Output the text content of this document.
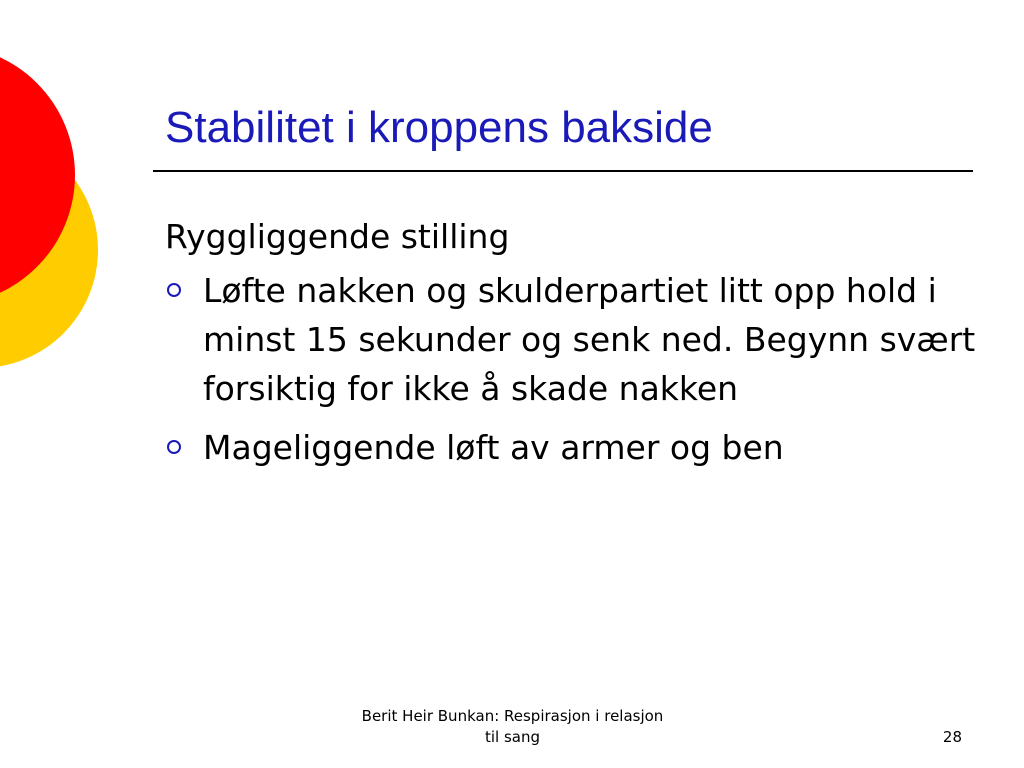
Stabilitet i kroppens bakside
Ryggliggende stilling
Løfte nakken og skulderpartiet litt opp hold i minst 15 sekunder og senk ned. Begynn svært forsiktig for ikke å skade nakken
Mageliggende løft av armer og ben
Berit Heir Bunkan: Respirasjon i relasjon til sang	28
